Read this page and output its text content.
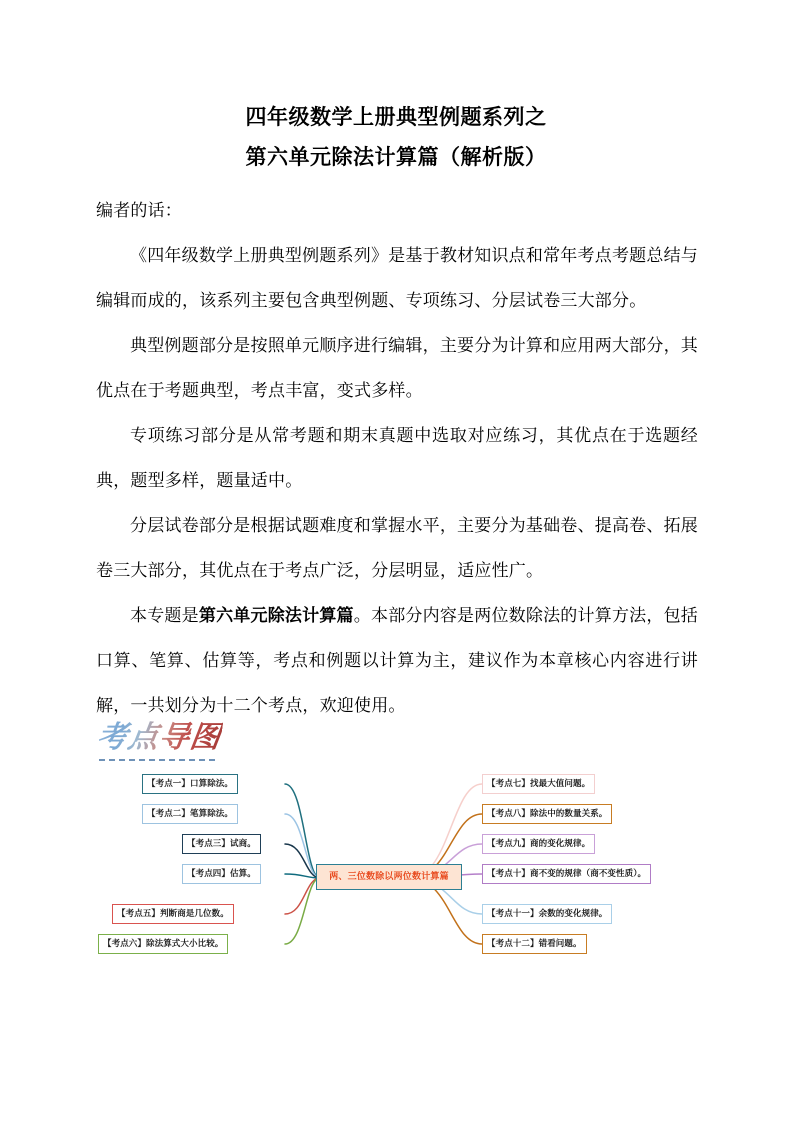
四年级数学上册典型例题系列之
第六单元除法计算篇（解析版）

编者的话：

《四年级数学上册典型例题系列》是基于教材知识点和常年考点考题总结与编辑而成的，该系列主要包含典型例题、专项练习、分层试卷三大部分。

典型例题部分是按照单元顺序进行编辑，主要分为计算和应用两大部分，其优点在于考题典型，考点丰富，变式多样。

专项练习部分是从常考题和期末真题中选取对应练习，其优点在于选题经典，题型多样，题量适中。

分层试卷部分是根据试题难度和掌握水平，主要分为基础卷、提高卷、拓展卷三大部分，其优点在于考点广泛，分层明显，适应性广。

本专题是第六单元除法计算篇。本部分内容是两位数除法的计算方法，包括口算、笔算、估算等，考点和例题以计算为主，建议作为本章核心内容进行讲解，一共划分为十二个考点，欢迎使用。

考点导图
两、三位数除以两位数计算篇
【考点一】口算除法。
【考点二】笔算除法。
【考点三】试商。
【考点四】估算。
【考点五】判断商是几位数。
【考点六】除法算式大小比较。
【考点七】找最大值问题。
【考点八】除法中的数量关系。
【考点九】商的变化规律。
【考点十】商不变的规律（商不变性质）。
【考点十一】余数的变化规律。
【考点十二】错看问题。
